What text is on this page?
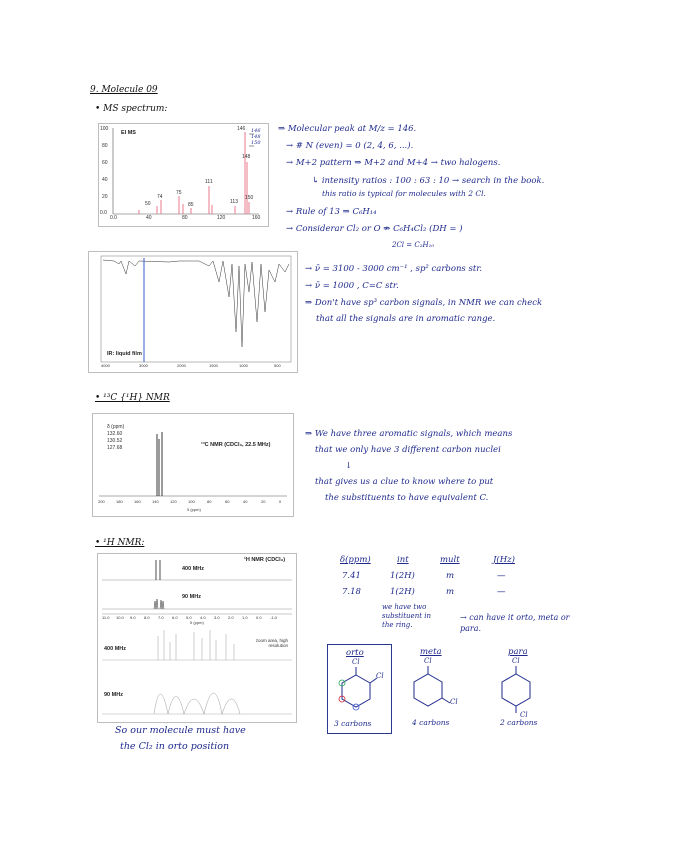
9. Molecule 09
• MS spectrum:
EI MS
146
148
150
111
75
74
85
50	113
146 148 150
0.0	40	80	120	160
100
80
60
40
20
0.0
⇒ Molecular peak at M/z = 146.
→ # N (even) = 0 (2, 4, 6, ...).
→ M+2 pattern ⇒ M+2 and M+4 → two halogens.
↳ intensity ratios : 100 : 63 : 10 → search in the book.
this ratio is typical for molecules with 2 Cl.
→ Rule of 13 ⇒ C₆H₁₄
→ Considerar Cl₂ or O ⇏ C₆H₄Cl₂ (DH = )
2Cl = C₂H₁₀
IR: liquid film
4000	3000	2000	1500	1000	500
→ ν̄ = 3100 - 3000 cm⁻¹ , sp² carbons str.
→ ν̄ = 1000 , C=C str.
⇒ Don't have sp³ carbon signals, in NMR we can check
that all the signals are in aromatic range.
• ¹³C {¹H} NMR
δ (ppm)
132.60
130.52
127.68	¹³C NMR (CDCl₃, 22.5 MHz)
200	180	160	140	120	100	80	60	40	20	0
δ (ppm)
⇒ We have three aromatic signals, which means
that we only have 3 different carbon nuclei
↓
that gives us a clue to know where to put
the substituents to have equivalent C.
• ¹H NMR:
¹H NMR (CDCl₃)
400 MHz
90 MHz
11.0 10.0 9.0 8.0 7.0 6.0 5.0 4.0 3.0 2.0 1.0 0.0 -1.0
δ (ppm)
400 MHz
zoom area, high resolution
90 MHz
δ(ppm)	int	mult	J(Hz)
7.41	1(2H)	m	—
7.18	1(2H)	m	—
we have two substituent in the ring.
→ can have it orto, meta or para.
orto
Cl
Cl
3 carbons
meta
Cl
Cl
4 carbons
para
Cl
Cl
2 carbons
So our molecule must have
the Cl₂ in orto position
